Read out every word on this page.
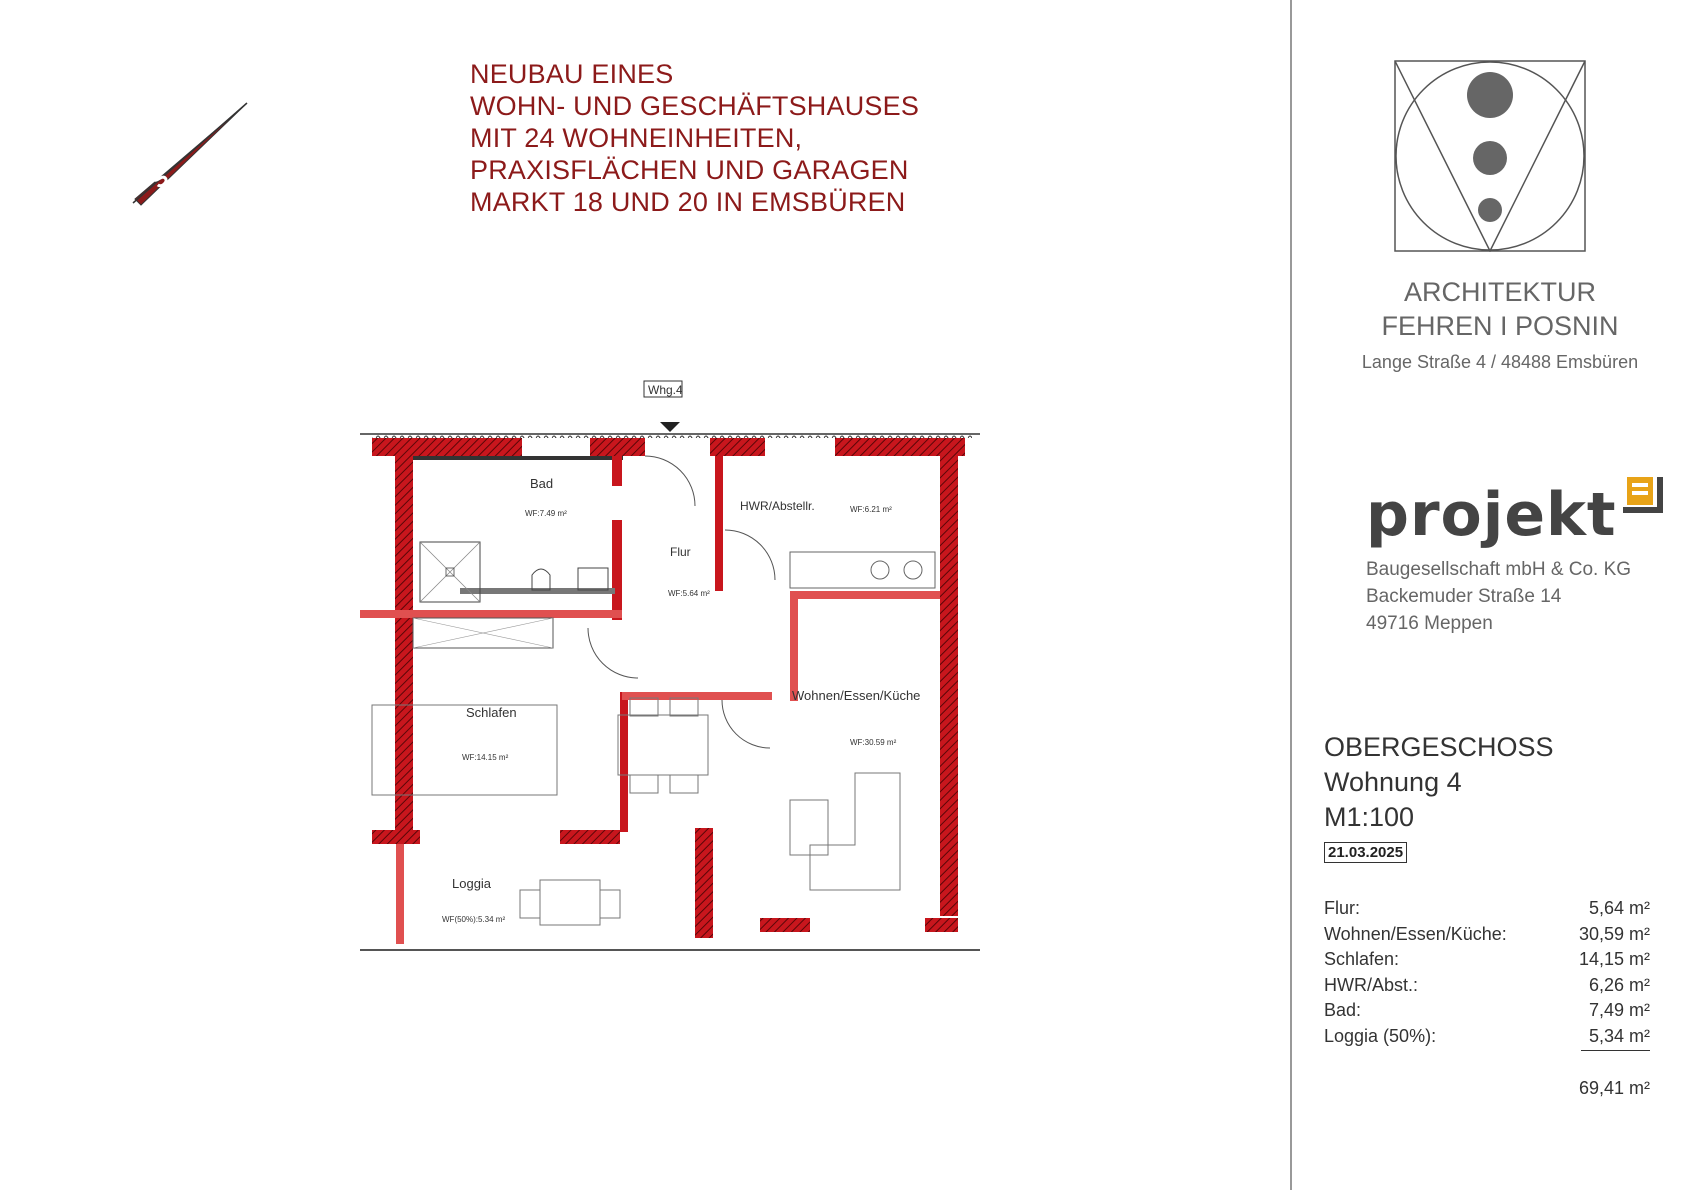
S
NEUBAU EINES
WOHN- UND GESCHÄFTSHAUSES
MIT 24 WOHNEINHEITEN,
PRAXISFLÄCHEN UND GARAGEN
MARKT 18 UND 20 IN EMSBÜREN
Whg.4
Bad
WF:7.49 m²
HWR/Abstellr.	WF:6.21 m²
Flur
WF:5.64 m²
Schlafen
WF:14.15 m²
Wohnen/Essen/Küche
WF:30.59 m²
Loggia
WF(50%):5.34 m²
ARCHITEKTUR
FEHREN I POSNIN
Lange Straße 4 / 48488 Emsbüren
projekt
Baugesellschaft mbH & Co. KG
Backemuder Straße 14
49716 Meppen
OBERGESCHOSS
Wohnung 4
M1:100
21.03.2025
Flur:	5,64 m²
Wohnen/Essen/Küche:	30,59 m²
Schlafen:	14,15 m²
HWR/Abst.:	6,26 m²
Bad:	7,49 m²
Loggia (50%):	5,34 m²
69,41 m²
